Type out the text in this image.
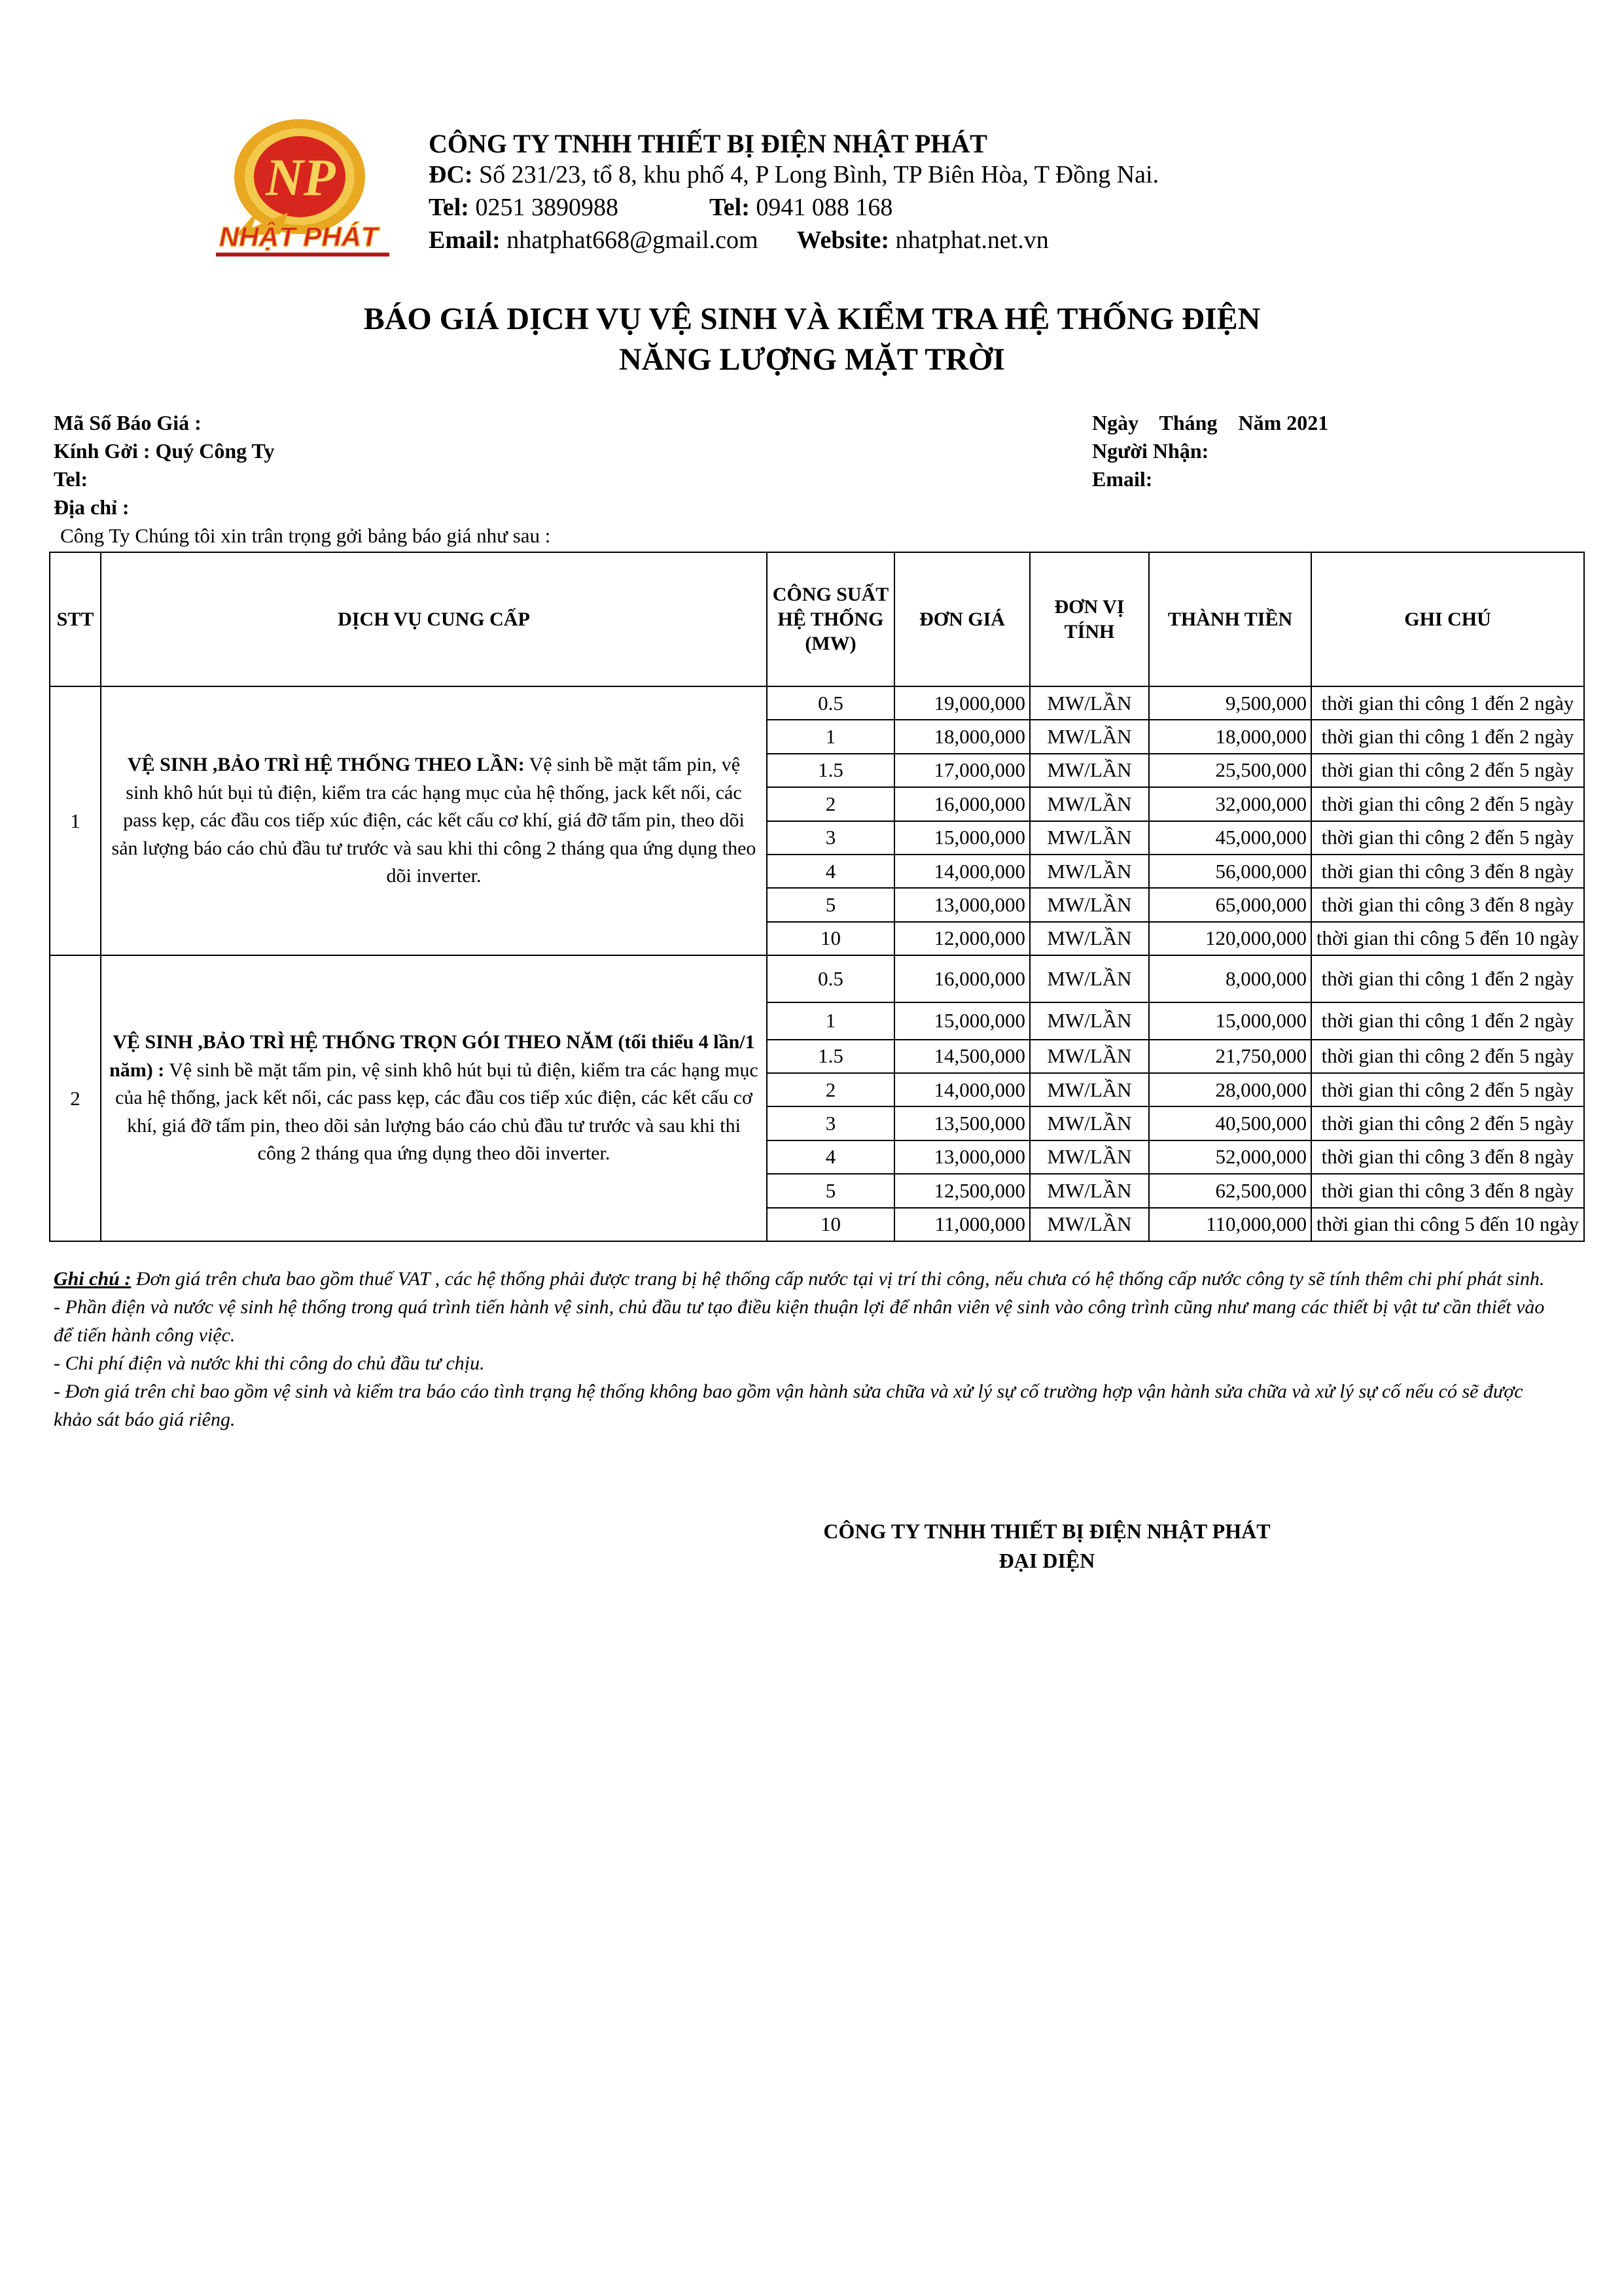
NP
NHẬT PHÁT
CÔNG TY TNHH THIẾT BỊ ĐIỆN NHẬT PHÁT
ĐC: Số 231/23, tổ 8, khu phố 4, P Long Bình, TP Biên Hòa, T Đồng Nai.
Tel: 0251 3890988	Tel: 0941 088 168
Email: nhatphat668@gmail.com Website: nhatphat.net.vn
BÁO GIÁ DỊCH VỤ VỆ SINH VÀ KIỂM TRA HỆ THỐNG ĐIỆN
NĂNG LƯỢNG MẶT TRỜI
Mã Số Báo Giá :
Kính Gởi : Quý Công Ty
Tel:
Địa chỉ :
Ngày    Tháng    Năm 2021
Người Nhận:
Email:
Công Ty Chúng tôi xin trân trọng gởi bảng báo giá như sau :
STT	DỊCH VỤ CUNG CẤP	CÔNG SUẤT HỆ THỐNG (MW)	ĐƠN GIÁ	ĐƠN VỊ TÍNH	THÀNH TIỀN	GHI CHÚ
1	VỆ SINH ,BẢO TRÌ HỆ THỐNG THEO LẦN: Vệ sinh bề mặt tấm pin, vệ sinh khô hút bụi tủ điện, kiểm tra các hạng mục của hệ thống, jack kết nối, các pass kẹp, các đầu cos tiếp xúc điện, các kết cấu cơ khí, giá đỡ tấm pin, theo dõi sản lượng báo cáo chủ đầu tư trước và sau khi thi công 2 tháng qua ứng dụng theo dõi inverter.	0.5	19,000,000	MW/LẦN	9,500,000	thời gian thi công 1 đến 2 ngày
		1	18,000,000	MW/LẦN	18,000,000	thời gian thi công 1 đến 2 ngày
		1.5	17,000,000	MW/LẦN	25,500,000	thời gian thi công 2 đến 5 ngày
		2	16,000,000	MW/LẦN	32,000,000	thời gian thi công 2 đến 5 ngày
		3	15,000,000	MW/LẦN	45,000,000	thời gian thi công 2 đến 5 ngày
		4	14,000,000	MW/LẦN	56,000,000	thời gian thi công 3 đến 8 ngày
		5	13,000,000	MW/LẦN	65,000,000	thời gian thi công 3 đến 8 ngày
		10	12,000,000	MW/LẦN	120,000,000	thời gian thi công 5 đến 10 ngày
2	VỆ SINH ,BẢO TRÌ HỆ THỐNG TRỌN GÓI THEO NĂM (tối thiểu 4 lần/1 năm) : Vệ sinh bề mặt tấm pin, vệ sinh khô hút bụi tủ điện, kiểm tra các hạng mục của hệ thống, jack kết nối, các pass kẹp, các đầu cos tiếp xúc điện, các kết cấu cơ khí, giá đỡ tấm pin, theo dõi sản lượng báo cáo chủ đầu tư trước và sau khi thi công 2 tháng qua ứng dụng theo dõi inverter.	0.5	16,000,000	MW/LẦN	8,000,000	thời gian thi công 1 đến 2 ngày
		1	15,000,000	MW/LẦN	15,000,000	thời gian thi công 1 đến 2 ngày
		1.5	14,500,000	MW/LẦN	21,750,000	thời gian thi công 2 đến 5 ngày
		2	14,000,000	MW/LẦN	28,000,000	thời gian thi công 2 đến 5 ngày
		3	13,500,000	MW/LẦN	40,500,000	thời gian thi công 2 đến 5 ngày
		4	13,000,000	MW/LẦN	52,000,000	thời gian thi công 3 đến 8 ngày
		5	12,500,000	MW/LẦN	62,500,000	thời gian thi công 3 đến 8 ngày
		10	11,000,000	MW/LẦN	110,000,000	thời gian thi công 5 đến 10 ngày
Ghi chú : Đơn giá trên chưa bao gồm thuế VAT , các hệ thống phải được trang bị hệ thống cấp nước tại vị trí thi công, nếu chưa có hệ thống cấp nước công ty sẽ tính thêm chi phí phát sinh.
- Phần điện và nước vệ sinh hệ thống trong quá trình tiến hành vệ sinh, chủ đầu tư tạo điều kiện thuận lợi để nhân viên vệ sinh vào công trình cũng như mang các thiết bị vật tư cần thiết vào để tiến hành công việc.
- Chi phí điện và nước khi thi công do chủ đầu tư chịu.
- Đơn giá trên chỉ bao gồm vệ sinh và kiểm tra báo cáo tình trạng hệ thống không bao gồm vận hành sửa chữa và xử lý sự cố trường hợp vận hành sửa chữa và xử lý sự cố nếu có sẽ được khảo sát báo giá riêng.
CÔNG TY TNHH THIẾT BỊ ĐIỆN NHẬT PHÁT
ĐẠI DIỆN
